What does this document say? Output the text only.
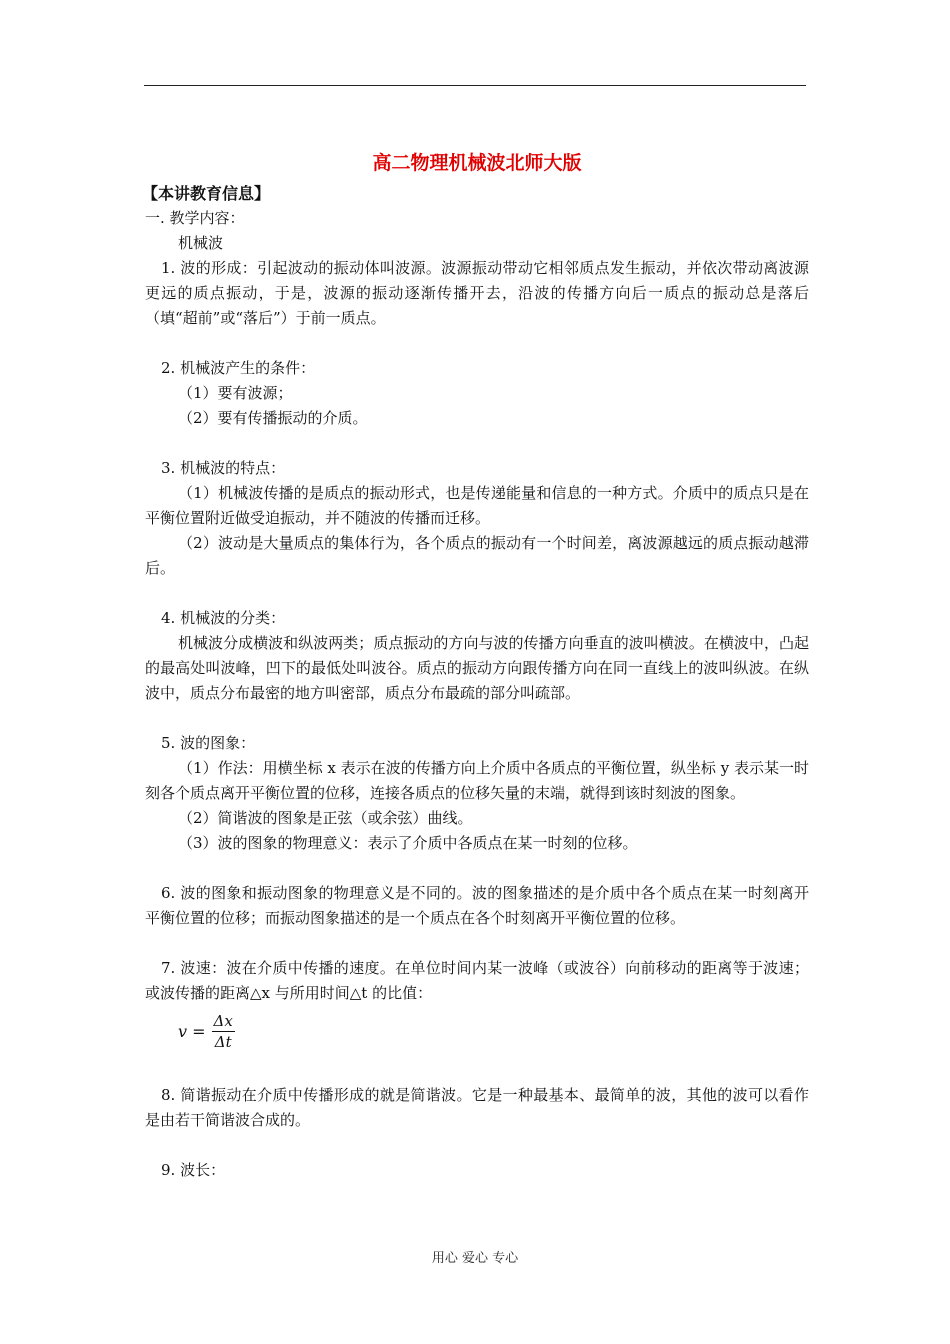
高二物理机械波北师大版
【本讲教育信息】

一. 教学内容：

机械波

1. 波的形成：引起波动的振动体叫波源。波源振动带动它相邻质点发生振动，并依次带动离波源更远的质点振动，于是，波源的振动逐渐传播开去，沿波的传播方向后一质点的振动总是落后（填“超前”或“落后”）于前一质点。

2. 机械波产生的条件：

（1）要有波源；

（2）要有传播振动的介质。

3. 机械波的特点：

（1）机械波传播的是质点的振动形式，也是传递能量和信息的一种方式。介质中的质点只是在平衡位置附近做受迫振动，并不随波的传播而迁移。

（2）波动是大量质点的集体行为，各个质点的振动有一个时间差，离波源越远的质点振动越滞后。

4. 机械波的分类：

机械波分成横波和纵波两类；质点振动的方向与波的传播方向垂直的波叫横波。在横波中，凸起的最高处叫波峰，凹下的最低处叫波谷。质点的振动方向跟传播方向在同一直线上的波叫纵波。在纵波中，质点分布最密的地方叫密部，质点分布最疏的部分叫疏部。

5. 波的图象：

（1）作法：用横坐标 x 表示在波的传播方向上介质中各质点的平衡位置，纵坐标 y 表示某一时刻各个质点离开平衡位置的位移，连接各质点的位移矢量的末端，就得到该时刻波的图象。

（2）简谐波的图象是正弦（或余弦）曲线。

（3）波的图象的物理意义：表示了介质中各质点在某一时刻的位移。

6. 波的图象和振动图象的物理意义是不同的。波的图象描述的是介质中各个质点在某一时刻离开平衡位置的位移；而振动图象描述的是一个质点在各个时刻离开平衡位置的位移。

7. 波速：波在介质中传播的速度。在单位时间内某一波峰（或波谷）向前移动的距离等于波速；或波传播的距离△x 与所用时间△t 的比值：

$v = \frac{\Delta x}{\Delta t}$

8. 简谐振动在介质中传播形成的就是简谐波。它是一种最基本、最简单的波，其他的波可以看作是由若干简谐波合成的。

9. 波长：

用心 爱心 专心
